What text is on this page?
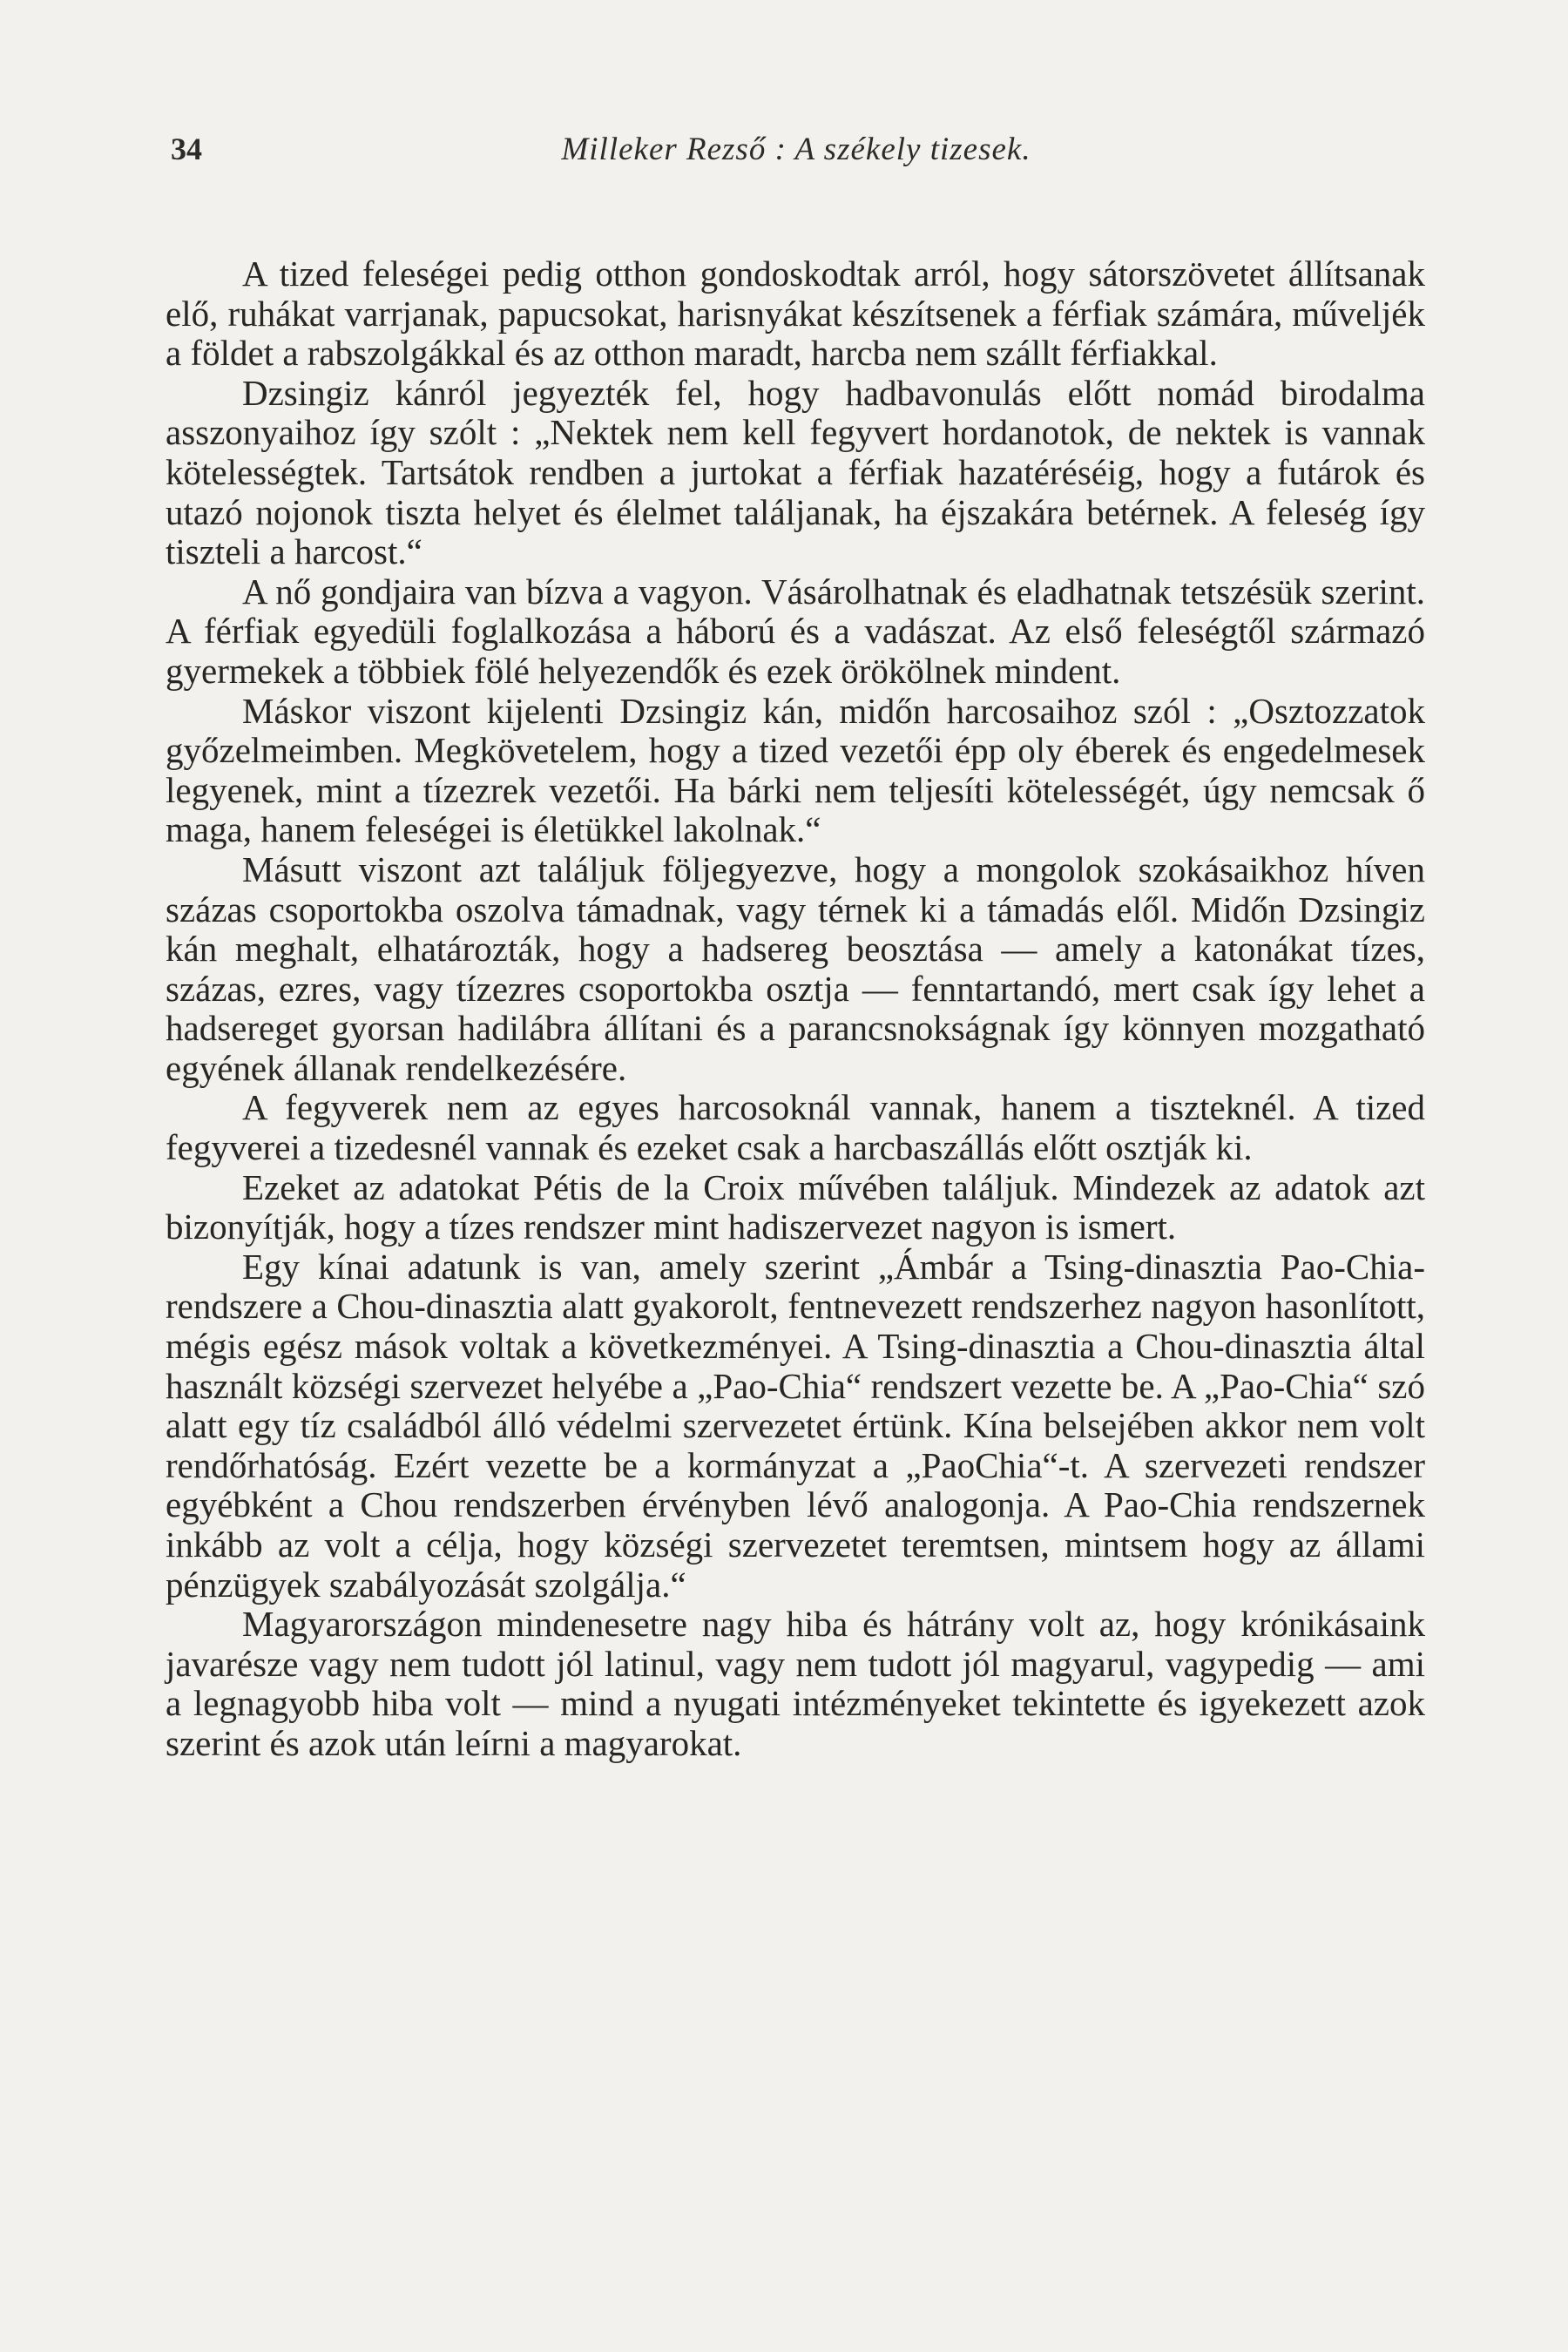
34	Milleker Rezső : A székely tizesek.

A tized feleségei pedig otthon gondoskodtak arról, hogy sátorszövetet állítsanak elő, ruhákat varrjanak, papucsokat, harisnyákat készítsenek a férfiak számára, műveljék a földet a rabszolgákkal és az otthon maradt, harcba nem szállt férfiakkal.

Dzsingiz kánról jegyezték fel, hogy hadbavonulás előtt nomád birodalma asszonyaihoz így szólt : „Nektek nem kell fegyvert hordanotok, de nektek is vannak kötelességtek. Tartsátok rendben a jurtokat a férfiak hazatéréséig, hogy a futárok és utazó nojonok tiszta helyet és élelmet találjanak, ha éjszakára betérnek. A feleség így tiszteli a harcost.“

A nő gondjaira van bízva a vagyon. Vásárolhatnak és eladhatnak tetszésük szerint. A férfiak egyedüli foglalkozása a háború és a vadászat. Az első feleségtől származó gyermekek a többiek fölé helyezendők és ezek örökölnek mindent.

Máskor viszont kijelenti Dzsingiz kán, midőn harcosaihoz szól : „Osztozzatok győzelmeimben. Megkövetelem, hogy a tized vezetői épp oly éberek és engedelmesek legyenek, mint a tízezrek vezetői. Ha bárki nem teljesíti kötelességét, úgy nemcsak ő maga, hanem feleségei is életükkel lakolnak.“

Másutt viszont azt találjuk följegyezve, hogy a mongolok szokásaikhoz híven százas csoportokba oszolva támadnak, vagy térnek ki a támadás elől. Midőn Dzsingiz kán meghalt, elhatározták, hogy a hadsereg beosztása — amely a katonákat tízes, százas, ezres, vagy tízezres csoportokba osztja — fenntartandó, mert csak így lehet a hadsereget gyorsan hadilábra állítani és a parancsnokságnak így könnyen mozgatható egyének állanak rendelkezésére.

A fegyverek nem az egyes harcosoknál vannak, hanem a tiszteknél. A tized fegyverei a tizedesnél vannak és ezeket csak a harcbaszállás előtt osztják ki.

Ezeket az adatokat Pétis de la Croix művében találjuk. Mindezek az adatok azt bizonyítják, hogy a tízes rendszer mint hadiszervezet nagyon is ismert.

Egy kínai adatunk is van, amely szerint „Ámbár a Tsing-dinasztia Pao-Chia-rendszere a Chou-dinasztia alatt gyakorolt, fentnevezett rendszerhez nagyon hasonlított, mégis egész mások voltak a következményei. A Tsing-dinasztia a Chou-dinasztia által használt községi szervezet helyébe a „Pao-Chia“ rendszert vezette be. A „Pao-Chia“ szó alatt egy tíz családból álló védelmi szervezetet értünk. Kína belsejében akkor nem volt rendőrhatóság. Ezért vezette be a kormányzat a „PaoChia“-t. A szervezeti rendszer egyébként a Chou rendszerben érvényben lévő analogonja. A Pao-Chia rendszernek inkább az volt a célja, hogy községi szervezetet teremtsen, mintsem hogy az állami pénzügyek szabályozását szolgálja.“

Magyarországon mindenesetre nagy hiba és hátrány volt az, hogy krónikásaink javarésze vagy nem tudott jól latinul, vagy nem tudott jól magyarul, vagypedig — ami a legnagyobb hiba volt — mind a nyugati intézményeket tekintette és igyekezett azok szerint és azok után leírni a magyarokat.
